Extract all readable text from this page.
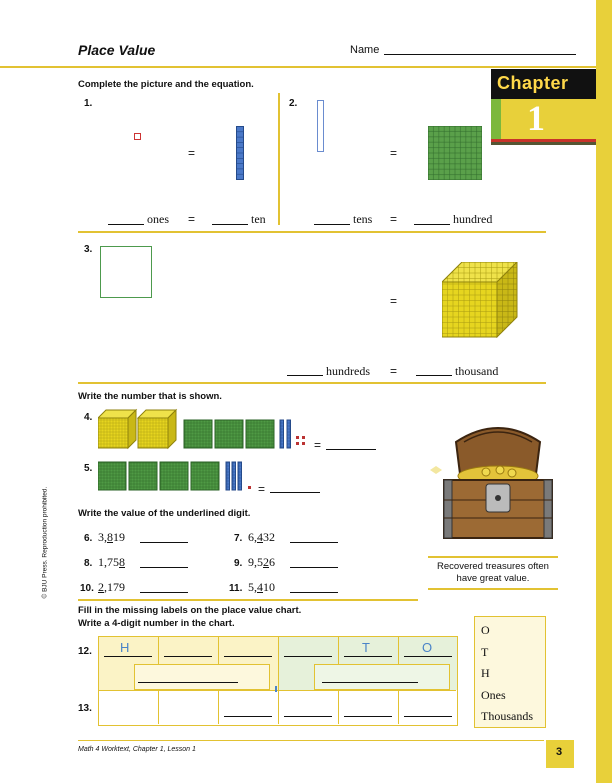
Place Value	Name
Chapter
1
Complete the picture and the equation.
1.
=
ones =	ten
2.
=
tens =	hundred
3.
=
hundreds =	thousand
Write the number that is shown.
4.
=
5.
=
Recovered treasures often have great value.
Write the value of the underlined digit.
6. 3,819	7. 6,432
8. 1,758	9. 9,526
10. 2,179	11. 5,410
Fill in the missing labels on the place value chart.
Write a 4-digit number in the chart.
H	T	O
12.
13.
O
T
H
Ones
Thousands
© BJU Press. Reproduction prohibited.
Math 4 Worktext, Chapter 1, Lesson 1	3
